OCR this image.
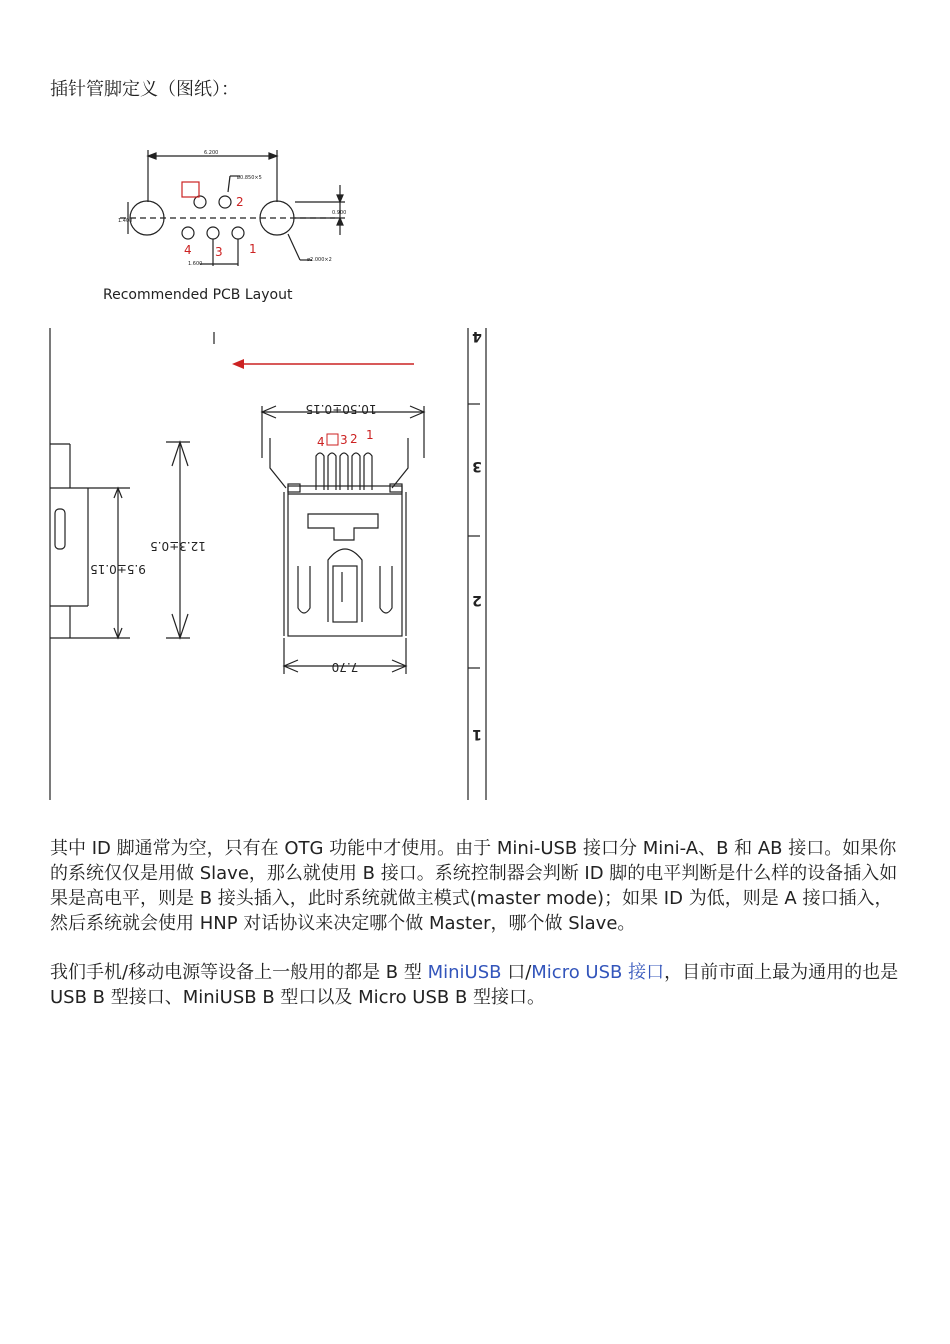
插针管脚定义（图纸）：
6.200
ø0.850×5
0.900
1.400
1.600
ø2.000×2
1
2
3
4
Recommended PCB Layout
10.50±0.15
7.70
12.3±0.5
9.5±0.15
1
2
3
4
4
3
2
1

其中 ID 脚通常为空，只有在 OTG 功能中才使用。由于 Mini-USB 接口分 Mini-A、B 和 AB 接口。如果你的系统仅仅是用做 Slave，那么就使用 B 接口。系统控制器会判断 ID 脚的电平判断是什么样的设备插入如果是高电平，则是 B 接头插入，此时系统就做主模式(master mode)；如果 ID 为低，则是 A 接口插入，然后系统就会使用 HNP 对话协议来决定哪个做 Master，哪个做 Slave。

我们手机/移动电源等设备上一般用的都是 B 型 MiniUSB 口/Micro USB 接口，目前市面上最为通用的也是 USB B 型接口、MiniUSB B 型口以及 Micro USB B 型接口。
